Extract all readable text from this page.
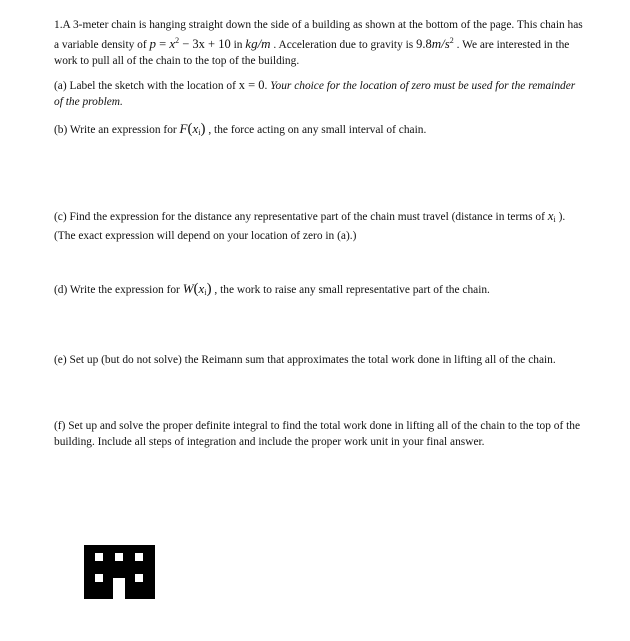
1.A 3-meter chain is hanging straight down the side of a building as shown at the bottom of the page. This chain has a variable density of $p = x^2 - 3x + 10$ in kg/m . Acceleration due to gravity is $9.8m/s^2$ . We are interested in the work to pull all of the chain to the top of the building.
(a) Label the sketch with the location of x = 0. Your choice for the location of zero must be used for the remainder of the problem.
(b) Write an expression for $F(x_i)$ , the force acting on any small interval of chain.
(c) Find the expression for the distance any representative part of the chain must travel (distance in terms of $x_i$ ). (The exact expression will depend on your location of zero in (a).)
(d) Write the expression for $W(x_i)$ , the work to raise any small representative part of the chain.
(e) Set up (but do not solve) the Reimann sum that approximates the total work done in lifting all of the chain.
(f) Set up and solve the proper definite integral to find the total work done in lifting all of the chain to the top of the building. Include all steps of integration and include the proper work unit in your final answer.
